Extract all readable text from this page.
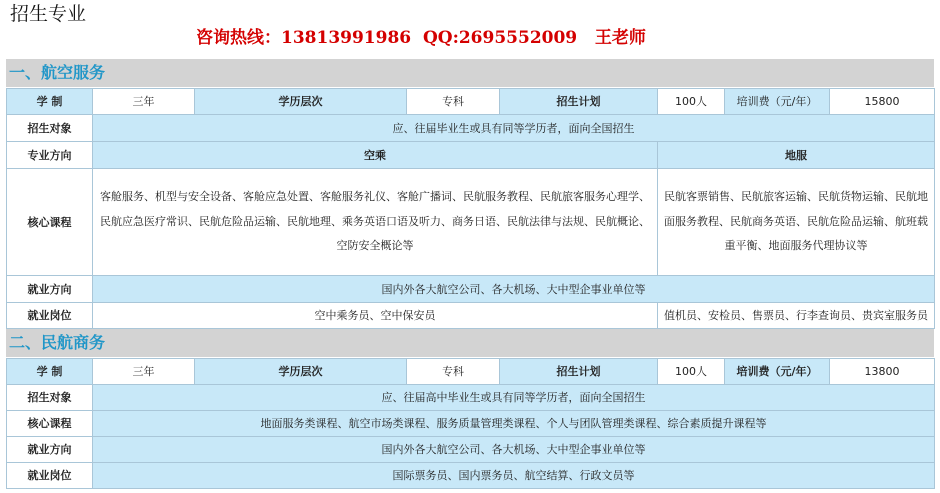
招生专业
咨询热线：13813991986  QQ:2695552009   王老师
一、航空服务
学 制	三年	学历层次	专科	招生计划	100人	培训费（元/年）	15800
招生对象	应、往届毕业生或具有同等学历者，面向全国招生						
专业方向	空乘				地服		
核心课程	客舱服务、机型与安全设备、客舱应急处置、客舱服务礼仪、客舱广播词、民航服务教程、民航旅客服务心理学、民航应急医疗常识、民航危险品运输、民航地理、乘务英语口语及听力、商务日语、民航法律与法规、民航概论、空防安全概论等				民航客票销售、民航旅客运输、民航货物运输、民航地面服务教程、民航商务英语、民航危险品运输、航班载重平衡、地面服务代理协议等		
就业方向	国内外各大航空公司、各大机场、大中型企事业单位等						
就业岗位	空中乘务员、空中保安员				值机员、安检员、售票员、行李查询员、贵宾室服务员		
二、民航商务
学 制	三年	学历层次	专科	招生计划	100人	培训费（元/年）	13800
招生对象	应、往届高中毕业生或具有同等学历者，面向全国招生						
核心课程	地面服务类课程、航空市场类课程、服务质量管理类课程、个人与团队管理类课程、综合素质提升课程等						
就业方向	国内外各大航空公司、各大机场、大中型企事业单位等						
就业岗位	国际票务员、国内票务员、航空结算、行政文员等						
